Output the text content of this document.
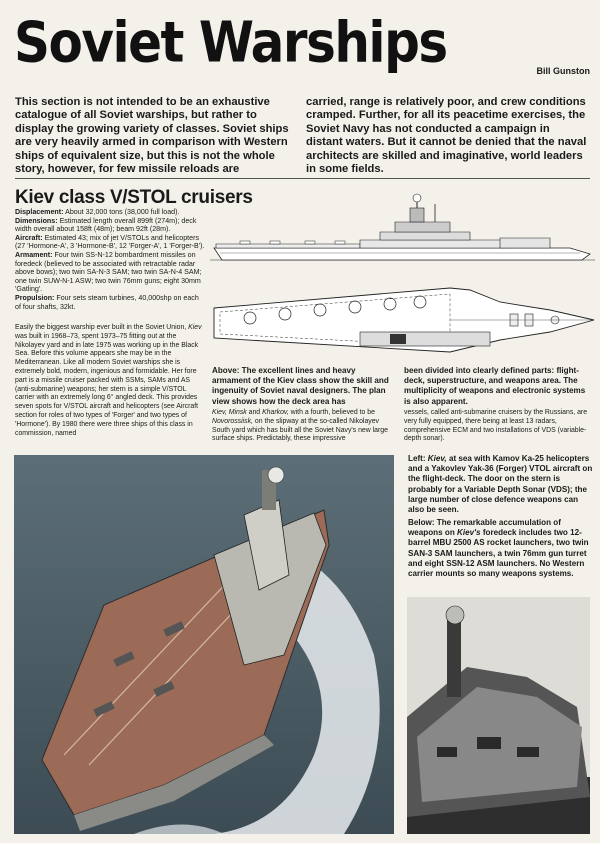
Soviet Warships	Bill Gunston
This section is not intended to be an exhaustive catalogue of all Soviet warships, but rather to display the growing variety of classes. Soviet ships are very heavily armed in comparison with Western ships of equivalent size, but this is not the whole story, however, for few missile reloads are
carried, range is relatively poor, and crew conditions cramped. Further, for all its peacetime exercises, the Soviet Navy has not conducted a campaign in distant waters. But it cannot be denied that the naval architects are skilled and imaginative, world leaders in some fields.
Kiev class V/STOL cruisers

Displacement: About 32,000 tons (38,000 full load).

Dimensions: Estimated length overall 899ft (274m); deck width overall about 158ft (48m); beam 92ft (28m).

Aircraft: Estimated 43; mix of jet V/STOLs and helicopters (27 'Hormone-A', 3 'Hormone-B', 12 'Forger-A', 1 'Forger-B').

Armament: Four twin SS-N-12 bombardment missiles on foredeck (believed to be associated with retractable radar above bows); two twin SA-N-3 SAM; two twin SA-N-4 SAM; one twin SUW-N-1 ASW; two twin 76mm guns; eight 30mm 'Gatling'.

Propulsion: Four sets steam turbines, 40,000shp on each of four shafts, 32kt.

Easily the biggest warship ever built in the Soviet Union, Kiev was built in 1968–73, spent 1973–75 fitting out at the Nikolayev yard and in late 1975 was working up in the Black Sea. Before this volume appears she may be in the Mediterranean. Like all modern Soviet warships she is extremely bold, modern, ingenious and formidable. Her fore part is a missile cruiser packed with SSMs, SAMs and AS (anti-submarine) weapons; her stern is a simple V/STOL carrier with an extremely long 6° angled deck. This provides seven spots for V/STOL aircraft and helicopters (see Aircraft section for roles of two types of 'Forger' and two types of 'Hormone'). By 1980 there were three ships of this class in commission, named
Above: The excellent lines and heavy armament of the Kiev class show the skill and ingenuity of Soviet naval designers. The plan view shows how the deck area has
Kiev, Minsk and Kharkov, with a fourth, believed to be Novorossiisk, on the slipway at the so-called Nikolayev South yard which has built all the Soviet Navy's new large surface ships. Predictably, these impressive
been divided into clearly defined parts: flight-deck, superstructure, and weapons area. The multiplicity of weapons and electronic systems is also apparent.
vessels, called anti-submarine cruisers by the Russians, are very fully equipped, there being at least 13 radars, comprehensive ECM and two installations of VDS (variable-depth sonar).
Left: Kiev, at sea with Kamov Ka-25 helicopters and a Yakovlev Yak-36 (Forger) VTOL aircraft on the flight-deck. The door on the stern is probably for a Variable Depth Sonar (VDS); the large number of close defence weapons can also be seen.
Below: The remarkable accumulation of weapons on Kiev's foredeck includes two 12-barrel MBU 2500 AS rocket launchers, two twin SAN-3 SAM launchers, a twin 76mm gun turret and eight SSN-12 ASM launchers. No Western carrier mounts so many weapons systems.
